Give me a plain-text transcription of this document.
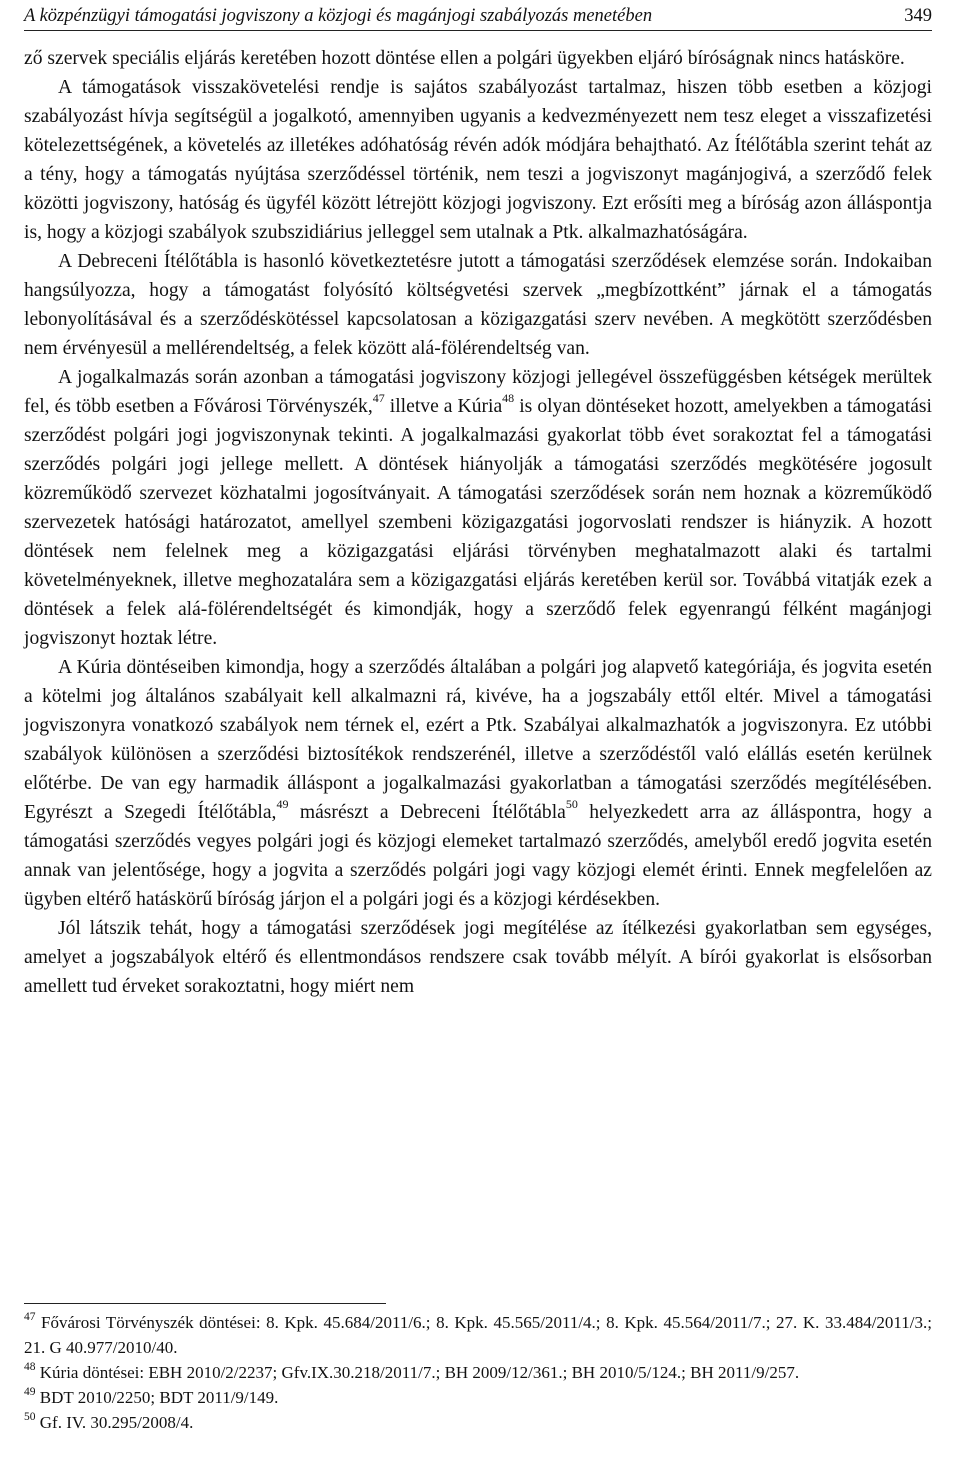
A közpénzügyi támogatási jogviszony a közjogi és magánjogi szabályozás menetében	349

ző szervek speciális eljárás keretében hozott döntése ellen a polgári ügyekben eljáró bíróságnak nincs hatásköre.

A támogatások visszakövetelési rendje is sajátos szabályozást tartalmaz, hiszen több esetben a közjogi szabályozást hívja segítségül a jogalkotó, amennyiben ugyanis a kedvezményezett nem tesz eleget a visszafizetési kötelezettségének, a követelés az illetékes adóhatóság révén adók módjára behajtható. Az Ítélőtábla szerint tehát az a tény, hogy a támogatás nyújtása szerződéssel történik, nem teszi a jogviszonyt magánjogivá, a szerződő felek közötti jogviszony, hatóság és ügyfél között létrejött közjogi jogviszony. Ezt erősíti meg a bíróság azon álláspontja is, hogy a közjogi szabályok szubszidiárius jelleggel sem utalnak a Ptk. alkalmazhatóságára.

A Debreceni Ítélőtábla is hasonló következtetésre jutott a támogatási szerződések elemzése során. Indokaiban hangsúlyozza, hogy a támogatást folyósító költségvetési szervek „megbízottként” járnak el a támogatás lebonyolításával és a szerződéskötéssel kapcsolatosan a közigazgatási szerv nevében. A megkötött szerződésben nem érvényesül a mellérendeltség, a felek között alá-fölérendeltség van.

A jogalkalmazás során azonban a támogatási jogviszony közjogi jellegével összefüggésben kétségek merültek fel, és több esetben a Fővárosi Törvényszék,$^{47}$ illetve a Kúria$^{48}$ is olyan döntéseket hozott, amelyekben a támogatási szerződést polgári jogi jogviszonynak tekinti. A jogalkalmazási gyakorlat több évet sorakoztat fel a támogatási szerződés polgári jogi jellege mellett. A döntések hiányolják a támogatási szerződés megkötésére jogosult közreműködő szervezet közhatalmi jogosítványait. A támogatási szerződések során nem hoznak a közreműködő szervezetek hatósági határozatot, amellyel szembeni közigazgatási jogorvoslati rendszer is hiányzik. A hozott döntések nem felelnek meg a közigazgatási eljárási törvényben meghatalmazott alaki és tartalmi követelményeknek, illetve meghozatalára sem a közigazgatási eljárás keretében kerül sor. Továbbá vitatják ezek a döntések a felek alá-fölérendeltségét és kimondják, hogy a szerződő felek egyenrangú félként magánjogi jogviszonyt hoztak létre.

A Kúria döntéseiben kimondja, hogy a szerződés általában a polgári jog alapvető kategóriája, és jogvita esetén a kötelmi jog általános szabályait kell alkalmazni rá, kivéve, ha a jogszabály ettől eltér. Mivel a támogatási jogviszonyra vonatkozó szabályok nem térnek el, ezért a Ptk. Szabályai alkalmazhatók a jogviszonyra. Ez utóbbi szabályok különösen a szerződési biztosítékok rendszerénél, illetve a szerződéstől való elállás esetén kerülnek előtérbe. De van egy harmadik álláspont a jogalkalmazási gyakorlatban a támogatási szerződés megítélésében. Egyrészt a Szegedi Ítélőtábla,$^{49}$ másrészt a Debreceni Ítélőtábla$^{50}$ helyezkedett arra az álláspontra, hogy a támogatási szerződés vegyes polgári jogi és közjogi elemeket tartalmazó szerződés, amelyből eredő jogvita esetén annak van jelentősége, hogy a jogvita a szerződés polgári jogi vagy közjogi elemét érinti. Ennek megfelelően az ügyben eltérő hatáskörű bíróság járjon el a polgári jogi és a közjogi kérdésekben.

Jól látszik tehát, hogy a támogatási szerződések jogi megítélése az ítélkezési gyakorlatban sem egységes, amelyet a jogszabályok eltérő és ellentmondásos rendszere csak tovább mélyít. A bírói gyakorlat is elsősorban amellett tud érveket sorakoztatni, hogy miért nem

$^{47}$ Fővárosi Törvényszék döntései: 8. Kpk. 45.684/2011/6.; 8. Kpk. 45.565/2011/4.; 8. Kpk. 45.564/2011/7.; 27. K. 33.484/2011/3.; 21. G 40.977/2010/40.

$^{48}$ Kúria döntései: EBH 2010/2/2237; Gfv.IX.30.218/2011/7.; BH 2009/12/361.; BH 2010/5/124.; BH 2011/9/257.

$^{49}$ BDT 2010/2250; BDT 2011/9/149.

$^{50}$ Gf. IV. 30.295/2008/4.
